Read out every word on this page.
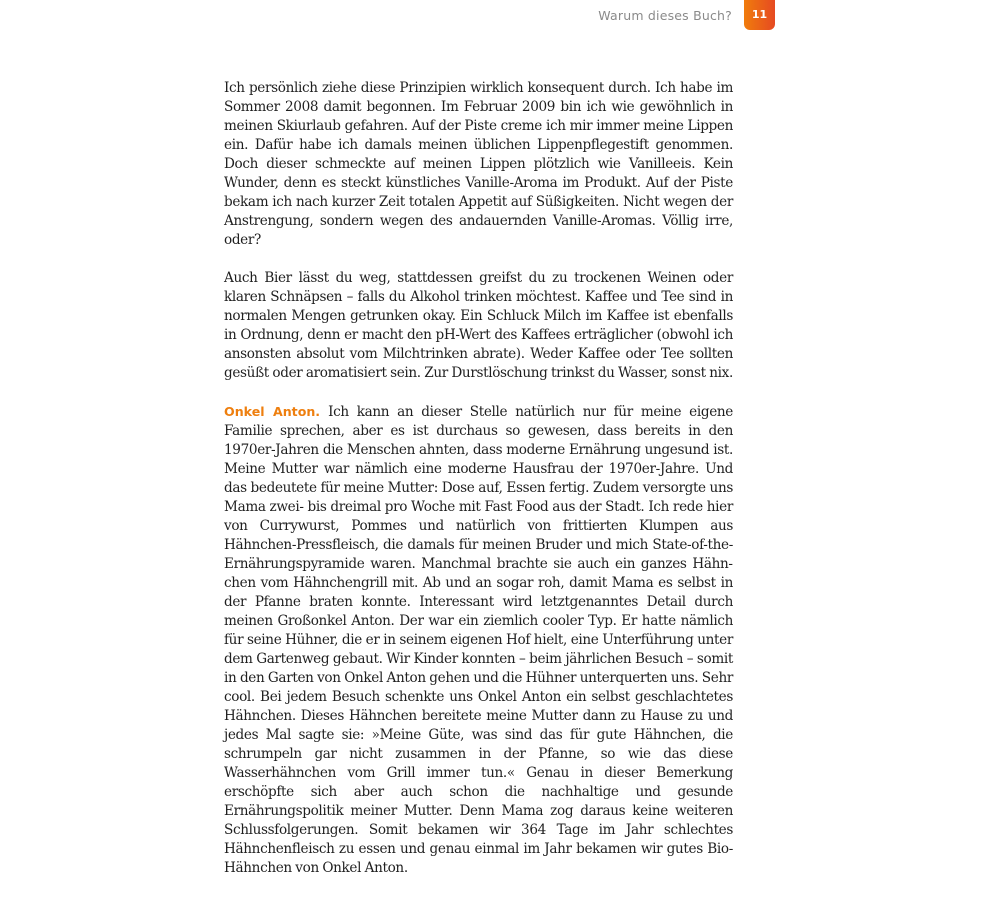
Warum dieses Buch? 11

Ich persönlich ziehe diese Prinzipien wirklich konsequent durch. Ich habe im Sommer 2008 damit begonnen. Im Februar 2009 bin ich wie gewöhnlich in meinen Skiurlaub gefahren. Auf der Piste creme ich mir immer meine Lippen ein. Dafür habe ich damals meinen üblichen Lippenpflegestift genommen. Doch dieser schmeckte auf meinen Lippen plötzlich wie Vanilleeis. Kein Wunder, denn es steckt künstliches Vanille-Aroma im Produkt. Auf der Piste bekam ich nach kurzer Zeit totalen Appetit auf Süßigkeiten. Nicht wegen der Anstrengung, sondern wegen des andauernden Vanille-Aromas. Völlig irre, oder?

Auch Bier lässt du weg, stattdessen greifst du zu trockenen Weinen oder klaren Schnäpsen – falls du Alkohol trinken möchtest. Kaffee und Tee sind in normalen Mengen getrunken okay. Ein Schluck Milch im Kaffee ist ebenfalls in Ordnung, denn er macht den pH-Wert des Kaffees erträglicher (obwohl ich ansonsten absolut vom Milchtrinken abrate). Weder Kaffee oder Tee sollten gesüßt oder aromatisiert sein. Zur Durstlöschung trinkst du Wasser, sonst nix.

Onkel Anton. Ich kann an dieser Stelle natürlich nur für meine eigene Familie sprechen, aber es ist durchaus so gewesen, dass bereits in den 1970er-Jahren die Menschen ahnten, dass moderne Ernährung ungesund ist. Meine Mutter war nämlich eine moderne Hausfrau der 1970er-Jahre. Und das bedeutete für meine Mutter: Dose auf, Essen fertig. Zudem versorgte uns Mama zwei- bis dreimal pro Woche mit Fast Food aus der Stadt. Ich rede hier von Currywurst, Pommes und natürlich von frittierten Klumpen aus Hähnchen-Pressfleisch, die damals für meinen Bruder und mich State-of-the-Ernährungspyramide waren. Manchmal brachte sie auch ein ganzes Hähnchen vom Hähnchengrill mit. Ab und an sogar roh, damit Mama es selbst in der Pfanne braten konnte. Interessant wird letztgenanntes Detail durch meinen Großonkel Anton. Der war ein ziemlich cooler Typ. Er hatte nämlich für seine Hühner, die er in seinem eigenen Hof hielt, eine Unterführung unter dem Gartenweg gebaut. Wir Kinder konnten – beim jährlichen Besuch – somit in den Garten von Onkel Anton gehen und die Hühner unterquerten uns. Sehr cool. Bei jedem Besuch schenkte uns Onkel Anton ein selbst geschlachtetes Hähnchen. Dieses Hähnchen bereitete meine Mutter dann zu Hause zu und jedes Mal sagte sie: »Meine Güte, was sind das für gute Hähnchen, die schrumpeln gar nicht zusammen in der Pfanne, so wie das diese Wasserhähnchen vom Grill immer tun.« Genau in dieser Bemerkung erschöpfte sich aber auch schon die nachhaltige und gesunde Ernährungspolitik meiner Mutter. Denn Mama zog daraus keine weiteren Schlussfolgerungen. Somit bekamen wir 364 Tage im Jahr schlechtes Hähnchenfleisch zu essen und genau einmal im Jahr bekamen wir gutes Bio-Hähnchen von Onkel Anton.
